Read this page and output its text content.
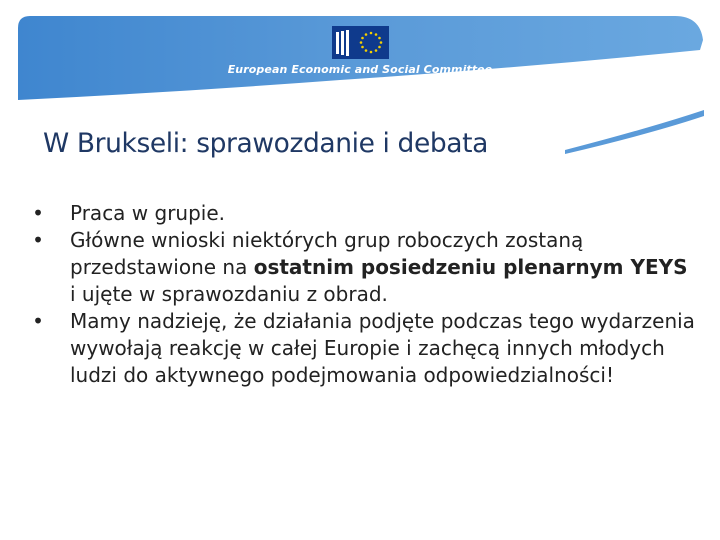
European Economic and Social Committee
W Brukseli: sprawozdanie i debata
• Praca w grupie.
• Główne wnioski niektórych grup roboczych zostaną przedstawione na ostatnim posiedzeniu plenarnym YEYS i ujęte w sprawozdaniu z obrad.
• Mamy nadzieję, że działania podjęte podczas tego wydarzenia wywołają reakcję w całej Europie i zachęcą innych młodych ludzi do aktywnego podejmowania odpowiedzialności!
